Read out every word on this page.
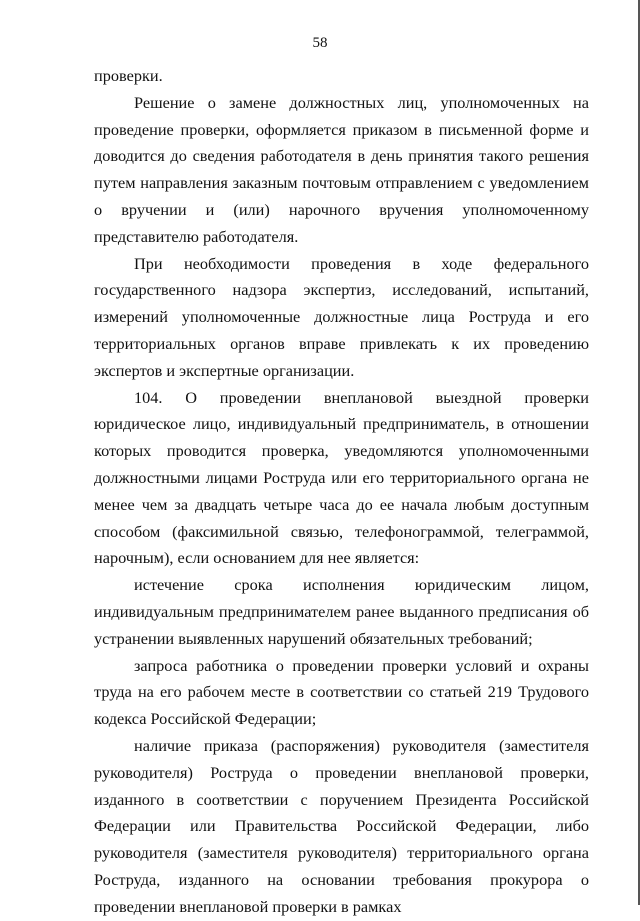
58

проверки.

Решение о замене должностных лиц, уполномоченных на проведение проверки, оформляется приказом в письменной форме и доводится до сведения работодателя в день принятия такого решения путем направления заказным почтовым отправлением с уведомлением о вручении и (или) нарочного вручения уполномоченному представителю работодателя.

При необходимости проведения в ходе федерального государственного надзора экспертиз, исследований, испытаний, измерений уполномоченные должностные лица Роструда и его территориальных органов вправе привлекать к их проведению экспертов и экспертные организации.

104. О проведении внеплановой выездной проверки юридическое лицо, индивидуальный предприниматель, в отношении которых проводится проверка, уведомляются уполномоченными должностными лицами Роструда или его территориального органа не менее чем за двадцать четыре часа до ее начала любым доступным способом (факсимильной связью, телефонограммой, телеграммой, нарочным), если основанием для нее является:

истечение срока исполнения юридическим лицом, индивидуальным предпринимателем ранее выданного предписания об устранении выявленных нарушений обязательных требований;

запроса работника о проведении проверки условий и охраны труда на его рабочем месте в соответствии со статьей 219 Трудового кодекса Российской Федерации;

наличие приказа (распоряжения) руководителя (заместителя руководителя) Роструда о проведении внеплановой проверки, изданного в соответствии с поручением Президента Российской Федерации или Правительства Российской Федерации, либо руководителя (заместителя руководителя) территориального органа Роструда, изданного на основании требования прокурора о проведении внеплановой проверки в рамках
